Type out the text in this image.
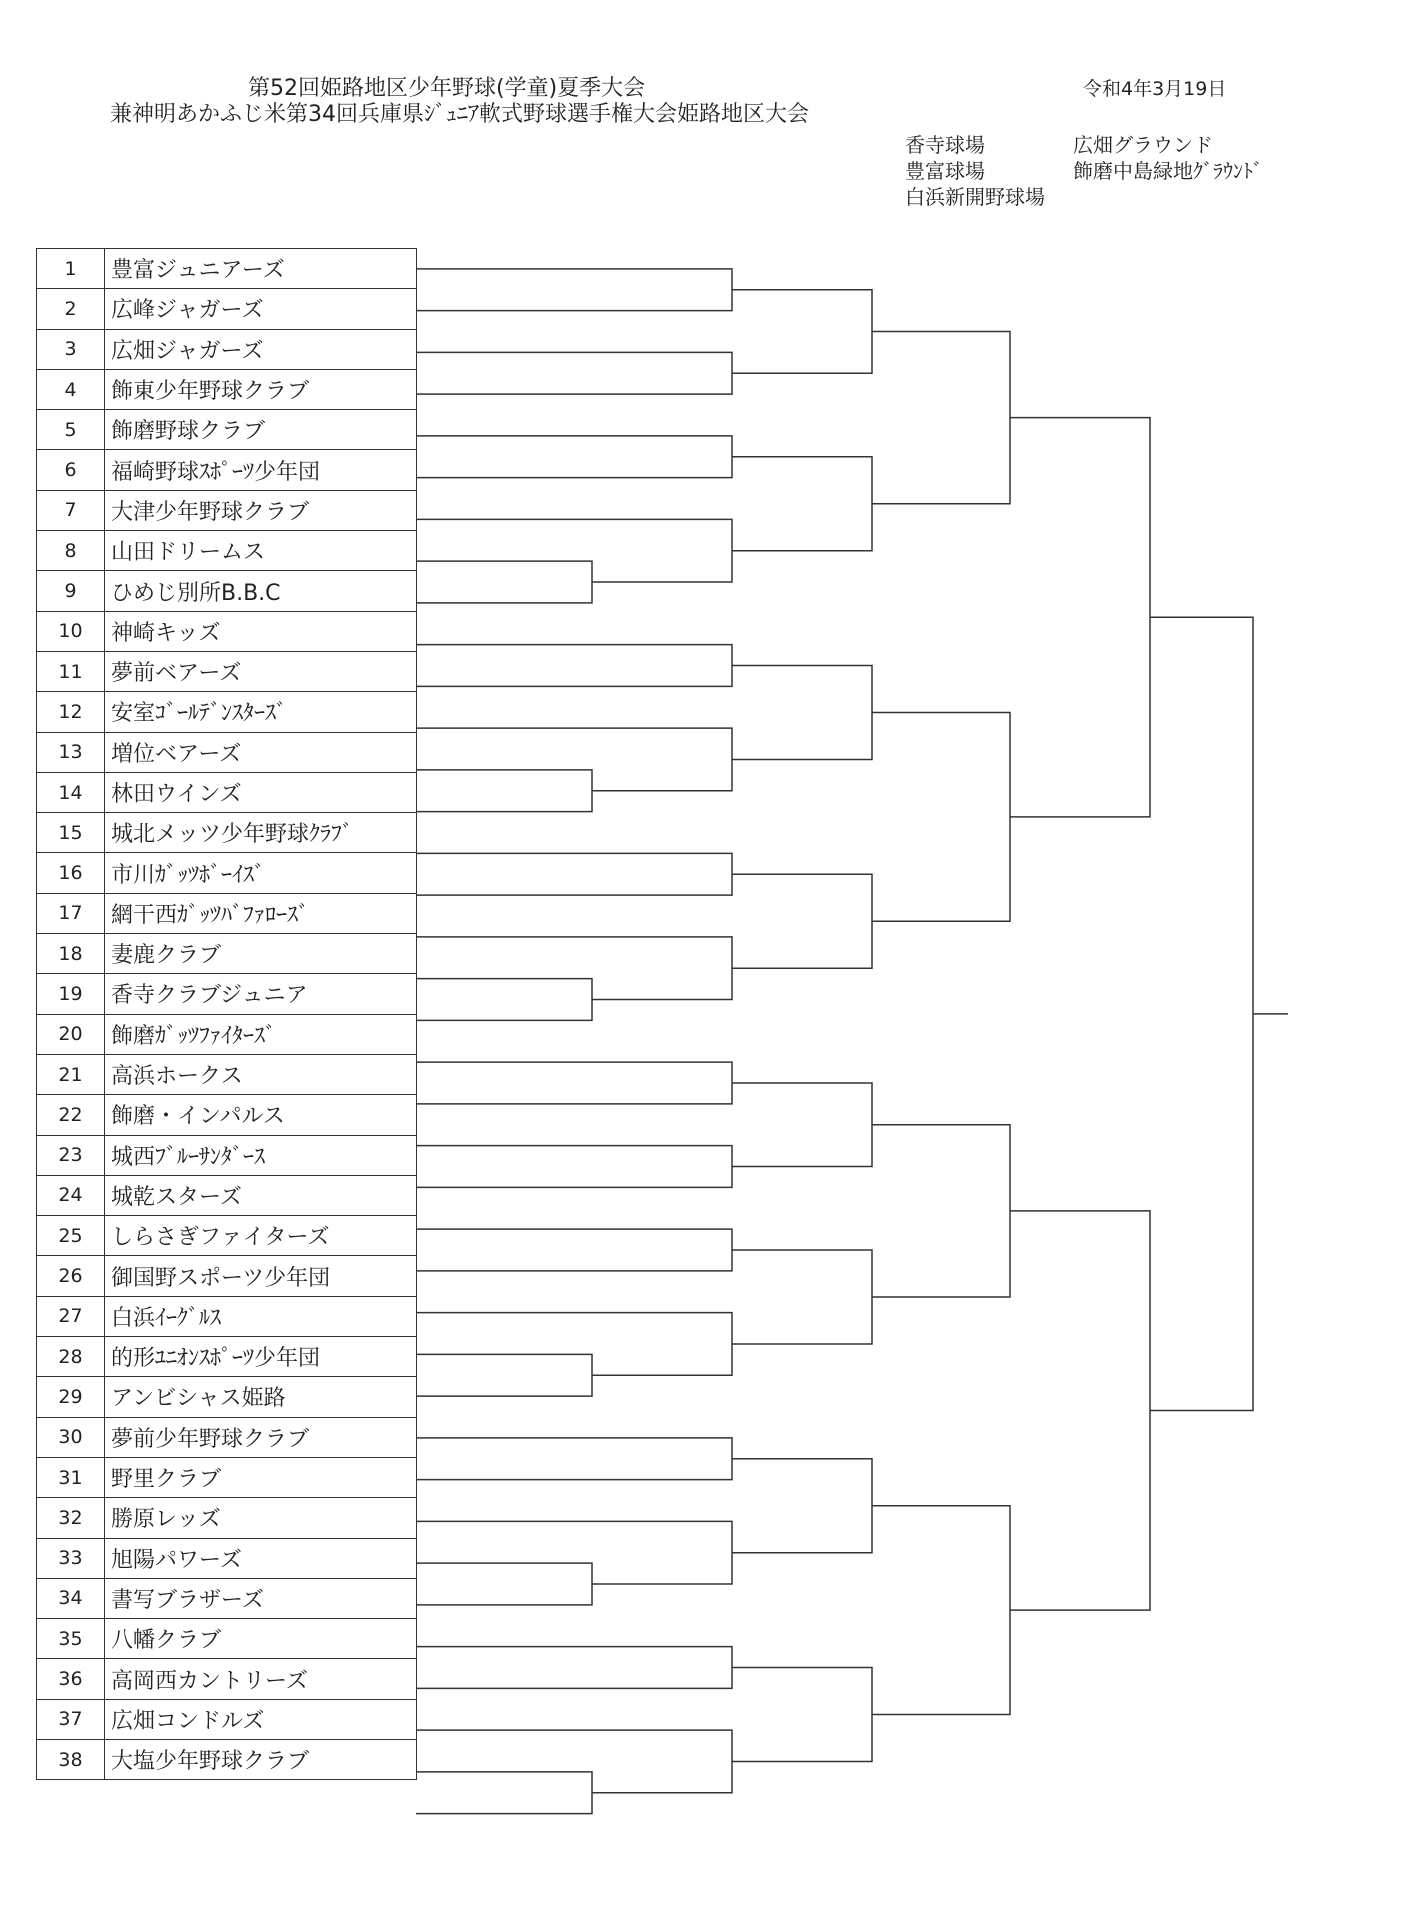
第52回姫路地区少年野球(学童)夏季大会
兼神明あかふじ米第34回兵庫県ｼﾞｭﾆｱ軟式野球選手権大会姫路地区大会
令和4年3月19日
香寺球場
豊富球場
白浜新開野球場
広畑グラウンド
飾磨中島緑地ｸﾞﾗｳﾝﾄﾞ
1	豊富ジュニアーズ
2	広峰ジャガーズ
3	広畑ジャガーズ
4	飾東少年野球クラブ
5	飾磨野球クラブ
6	福崎野球ｽﾎﾟｰﾂ少年団
7	大津少年野球クラブ
8	山田ドリームス
9	ひめじ別所B.B.C
10	神崎キッズ
11	夢前ベアーズ
12	安室ｺﾞｰﾙﾃﾞﾝｽﾀｰｽﾞ
13	増位ベアーズ
14	林田ウインズ
15	城北メッツ少年野球ｸﾗﾌﾞ
16	市川ｶﾞｯﾂﾎﾞｰｲｽﾞ
17	網干西ｶﾞｯﾂﾊﾞﾌｧﾛｰｽﾞ
18	妻鹿クラブ
19	香寺クラブジュニア
20	飾磨ｶﾞｯﾂﾌｧｲﾀｰｽﾞ
21	高浜ホークス
22	飾磨・インパルス
23	城西ﾌﾞﾙｰｻﾝﾀﾞｰｽ
24	城乾スターズ
25	しらさぎファイターズ
26	御国野スポーツ少年団
27	白浜ｲｰｸﾞﾙｽ
28	的形ﾕﾆｵﾝｽﾎﾟｰﾂ少年団
29	アンビシャス姫路
30	夢前少年野球クラブ
31	野里クラブ
32	勝原レッズ
33	旭陽パワーズ
34	書写ブラザーズ
35	八幡クラブ
36	高岡西カントリーズ
37	広畑コンドルズ
38	大塩少年野球クラブ
